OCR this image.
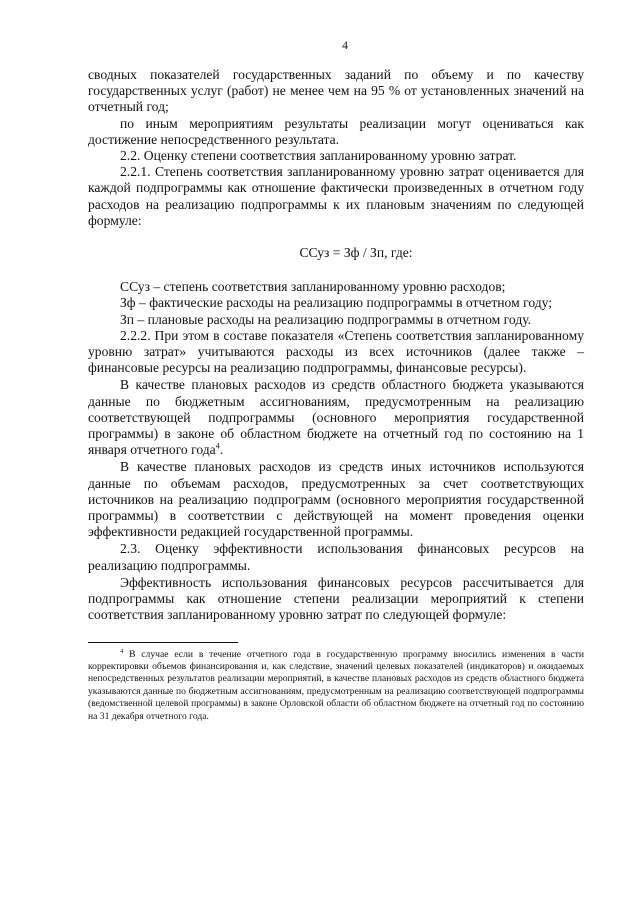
4

сводных показателей государственных заданий по объему и по качеству государственных услуг (работ) не менее чем на 95 % от установленных значений на отчетный год;

по иным мероприятиям результаты реализации могут оцениваться как достижение непосредственного результата.

2.2. Оценку степени соответствия запланированному уровню затрат.

2.2.1. Степень соответствия запланированному уровню затрат оценивается для каждой подпрограммы как отношение фактически произведенных в отчетном году расходов на реализацию подпрограммы к их плановым значениям по следующей формуле:

ССуз = Зф / Зп, где:

ССуз – степень соответствия запланированному уровню расходов;

Зф – фактические расходы на реализацию подпрограммы в отчетном году;

Зп – плановые расходы на реализацию подпрограммы в отчетном году.

2.2.2. При этом в составе показателя «Степень соответствия запланированному уровню затрат» учитываются расходы из всех источников (далее также – финансовые ресурсы на реализацию подпрограммы, финансовые ресурсы).

В качестве плановых расходов из средств областного бюджета указываются данные по бюджетным ассигнованиям, предусмотренным на реализацию соответствующей подпрограммы (основного мероприятия государственной программы) в законе об областном бюджете на отчетный год по состоянию на 1 января отчетного года$^4$.

В качестве плановых расходов из средств иных источников используются данные по объемам расходов, предусмотренных за счет соответствующих источников на реализацию подпрограмм (основного мероприятия государственной программы) в соответствии с действующей на момент проведения оценки эффективности редакцией государственной программы.

2.3. Оценку эффективности использования финансовых ресурсов на реализацию подпрограммы.

Эффективность использования финансовых ресурсов рассчитывается для подпрограммы как отношение степени реализации мероприятий к степени соответствия запланированному уровню затрат по следующей формуле:

$^4$ В случае если в течение отчетного года в государственную программу вносились изменения в части корректировки объемов финансирования и, как следствие, значений целевых показателей (индикаторов) и ожидаемых непосредственных результатов реализации мероприятий, в качестве плановых расходов из средств областного бюджета указываются данные по бюджетным ассигнованиям, предусмотренным на реализацию соответствующей подпрограммы (ведомственной целевой программы) в законе Орловской области об областном бюджете на отчетный год по состоянию на 31 декабря отчетного года.
